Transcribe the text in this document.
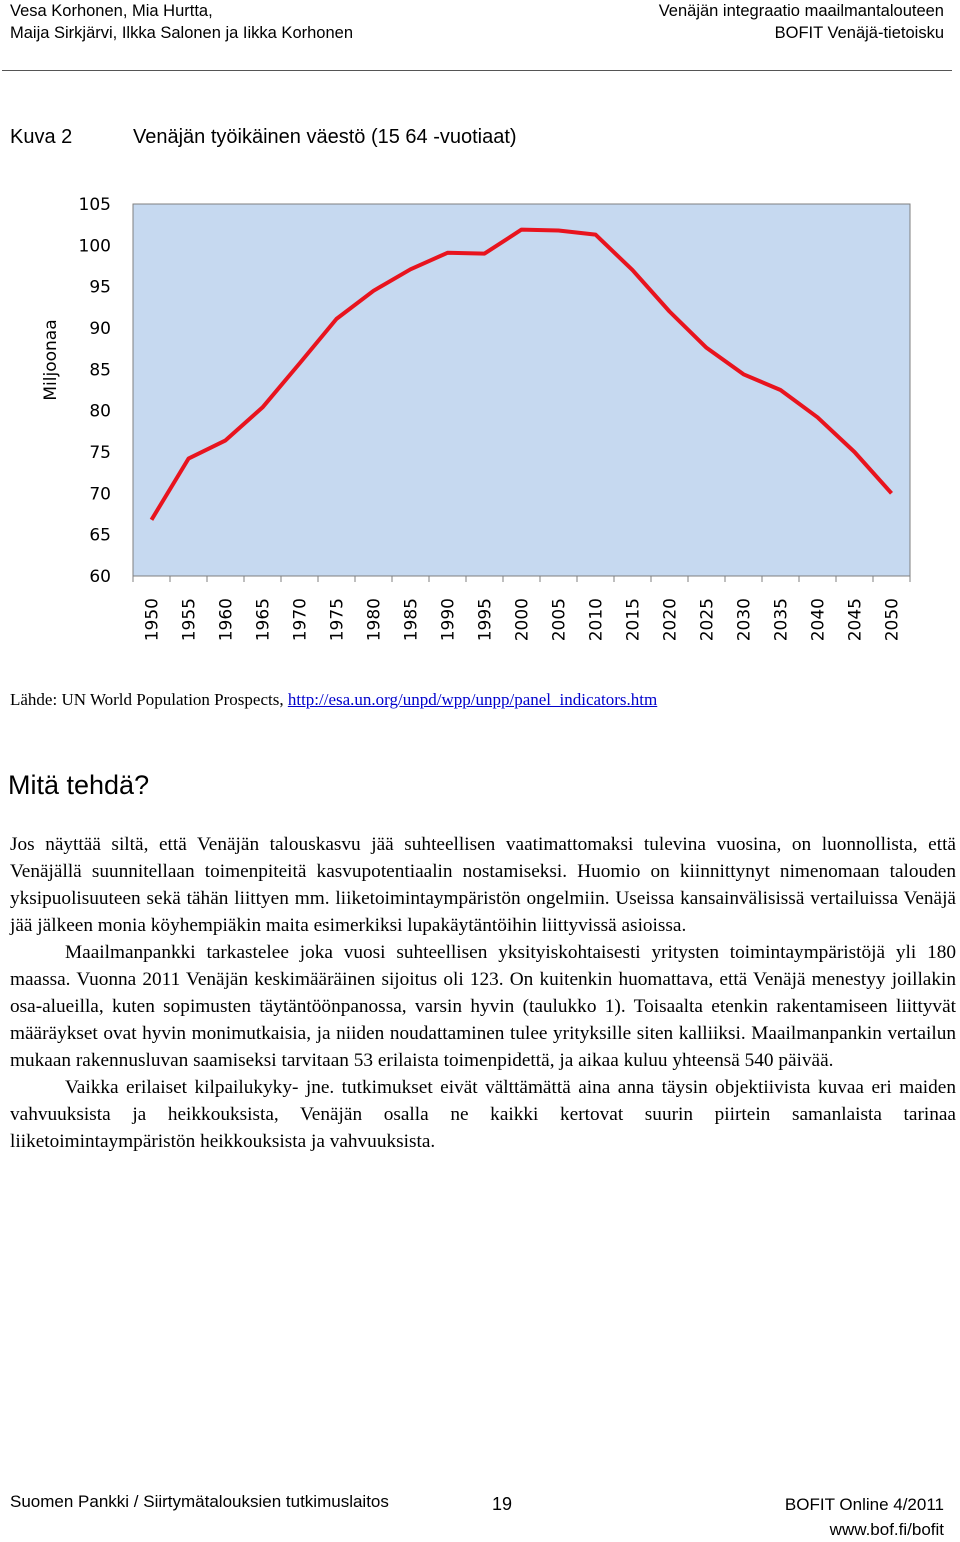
Vesa Korhonen, Mia Hurtta,
Maija Sirkjärvi, Ilkka Salonen ja Iikka Korhonen
Venäjän integraatio maailmantalouteen
BOFIT Venäjä-tietoisku
Kuva 2	Venäjän työikäinen väestö (15 64 -vuotiaat)
105
100
95
90
85
80
75
70
65
60
1950 1955 1960 1965 1970 1975 1980 1985 1990 1995 2000 2005 2010 2015 2020 2025 2030 2035 2040 2045 2050
Miljoonaa
Lähde: UN World Population Prospects, http://esa.un.org/unpd/wpp/unpp/panel_indicators.htm
Mitä tehdä?

Jos näyttää siltä, että Venäjän talouskasvu jää suhteellisen vaatimattomaksi tulevina vuosina, on luonnollista, että Venäjällä suunnitellaan toimenpiteitä kasvupotentiaalin nostamiseksi. Huomio on kiinnittynyt nimenomaan talouden yksipuolisuuteen sekä tähän liittyen mm. liiketoimintaympäristön ongelmiin. Useissa kansainvälisissä vertailuissa Venäjä jää jälkeen monia köyhempiäkin maita esimerkiksi lupakäytäntöihin liittyvissä asioissa.

Maailmanpankki tarkastelee joka vuosi suhteellisen yksityiskohtaisesti yritysten toimintaympäristöjä yli 180 maassa. Vuonna 2011 Venäjän keskimääräinen sijoitus oli 123. On kuitenkin huomattava, että Venäjä menestyy joillakin osa-alueilla, kuten sopimusten täytäntöönpanossa, varsin hyvin (taulukko 1). Toisaalta etenkin rakentamiseen liittyvät määräykset ovat hyvin monimutkaisia, ja niiden noudattaminen tulee yrityksille siten kalliiksi. Maailmanpankin vertailun mukaan rakennusluvan saamiseksi tarvitaan 53 erilaista toimenpidettä, ja aikaa kuluu yhteensä 540 päivää.

Vaikka erilaiset kilpailukyky- jne. tutkimukset eivät välttämättä aina anna täysin objektiivista kuvaa eri maiden vahvuuksista ja heikkouksista, Venäjän osalla ne kaikki kertovat suurin piirtein samanlaista tarinaa liiketoimintaympäristön heikkouksista ja vahvuuksista.

Suomen Pankki / Siirtymätalouksien tutkimuslaitos	19	BOFIT Online 4/2011
www.bof.fi/bofit
